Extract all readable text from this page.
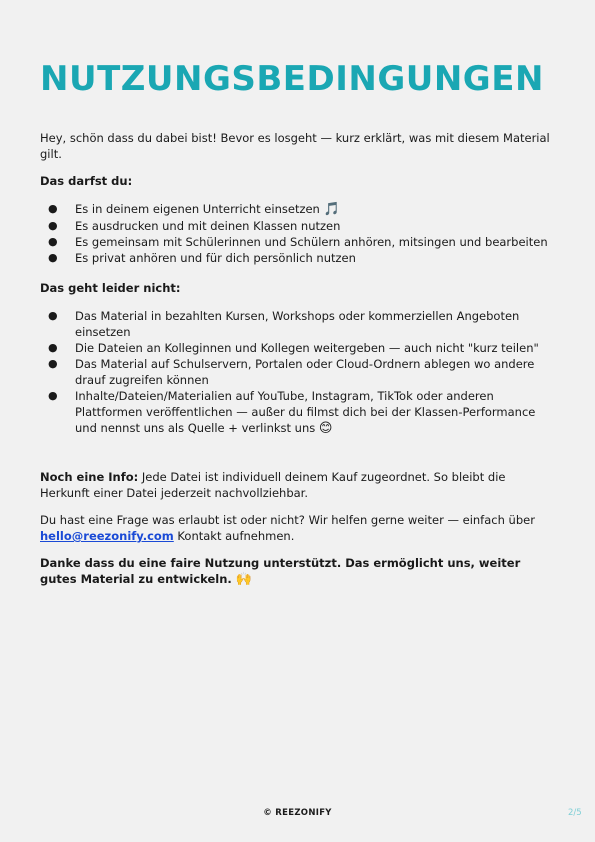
NUTZUNGSBEDINGUNGEN

Hey, schön dass du dabei bist! Bevor es losgeht — kurz erklärt, was mit diesem Material gilt.

Das darfst du:

● Es in deinem eigenen Unterricht einsetzen 🎵
● Es ausdrucken und mit deinen Klassen nutzen
● Es gemeinsam mit Schülerinnen und Schülern anhören, mitsingen und bearbeiten
● Es privat anhören und für dich persönlich nutzen

Das geht leider nicht:

● Das Material in bezahlten Kursen, Workshops oder kommerziellen Angeboten einsetzen
● Die Dateien an Kolleginnen und Kollegen weitergeben — auch nicht "kurz teilen"
● Das Material auf Schulservern, Portalen oder Cloud-Ordnern ablegen wo andere drauf zugreifen können
● Inhalte/Dateien/Materialien auf YouTube, Instagram, TikTok oder anderen Plattformen veröffentlichen — außer du filmst dich bei der Klassen-Performance und nennst uns als Quelle + verlinkst uns 😊

Noch eine Info: Jede Datei ist individuell deinem Kauf zugeordnet. So bleibt die Herkunft einer Datei jederzeit nachvollziehbar.

Du hast eine Frage was erlaubt ist oder nicht? Wir helfen gerne weiter — einfach über hello@reezonify.com Kontakt aufnehmen.

Danke dass du eine faire Nutzung unterstützt. Das ermöglicht uns, weiter gutes Material zu entwickeln. 🙌

© REEZONIFY	2/5
